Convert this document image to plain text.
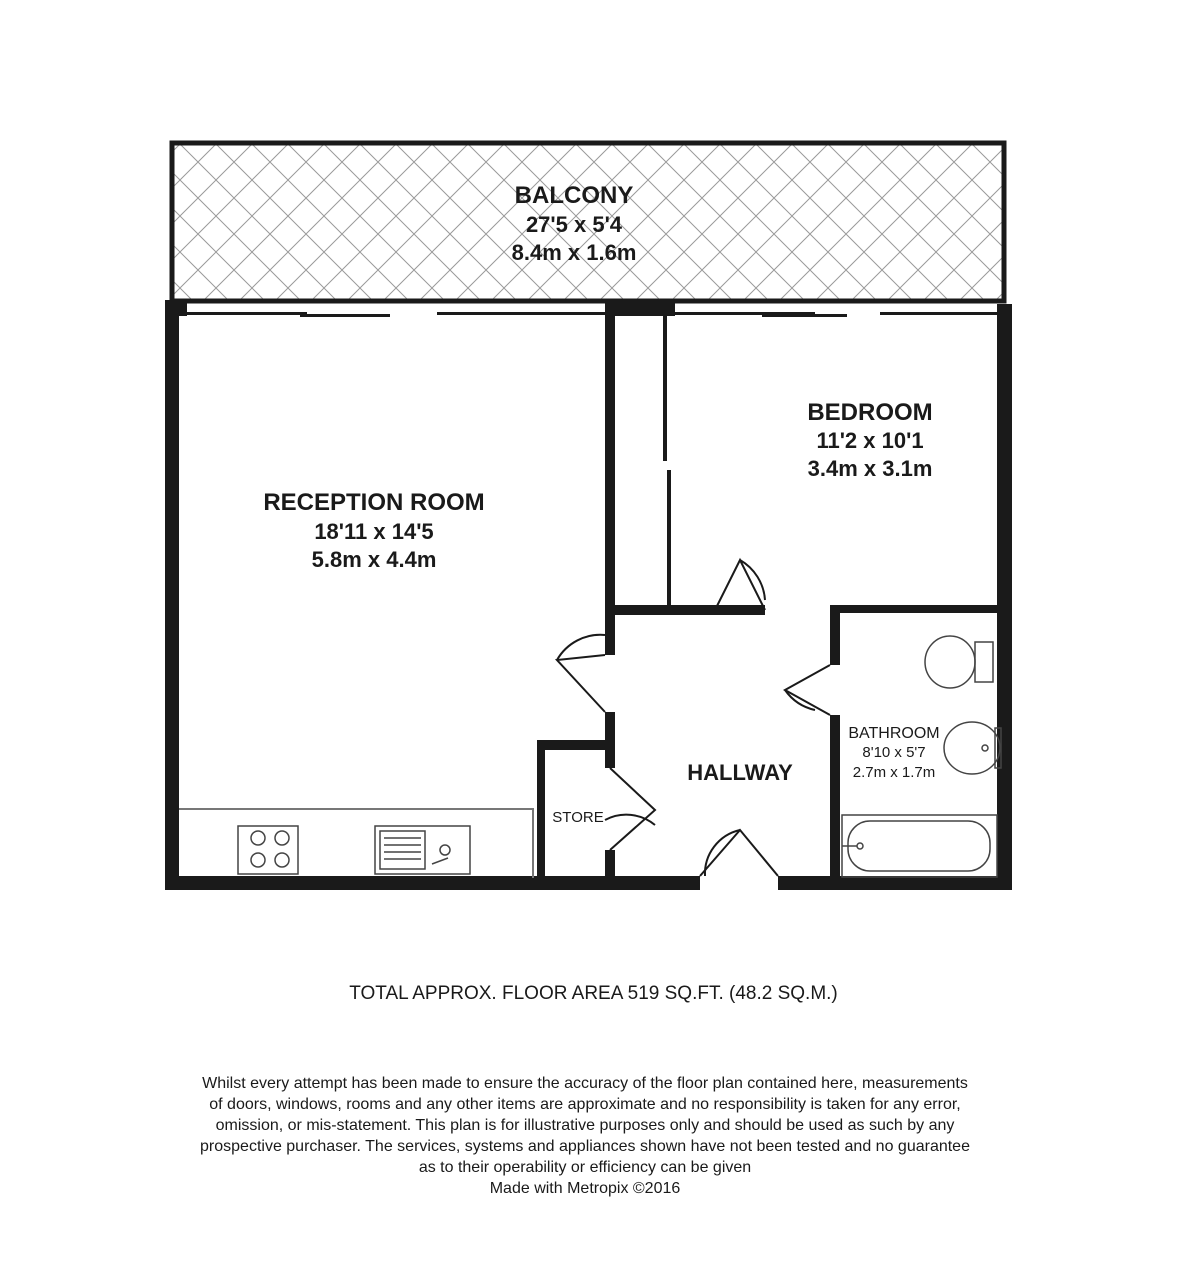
BALCONY
27'5 x 5'4
8.4m x 1.6m
BEDROOM
11'2 x 10'1
3.4m x 3.1m
RECEPTION ROOM
18'11 x 14'5
5.8m x 4.4m
BATHROOM
8'10 x 5'7
2.7m x 1.7m
HALLWAY
STORE
TOTAL APPROX. FLOOR AREA 519 SQ.FT. (48.2 SQ.M.)
Whilst every attempt has been made to ensure the accuracy of the floor plan contained here, measurements
of doors, windows, rooms and any other items are approximate and no responsibility is taken for any error,
omission, or mis-statement. This plan is for illustrative purposes only and should be used as such by any
prospective purchaser. The services, systems and appliances shown have not been tested and no guarantee
as to their operability or efficiency can be given
Made with Metropix ©2016
